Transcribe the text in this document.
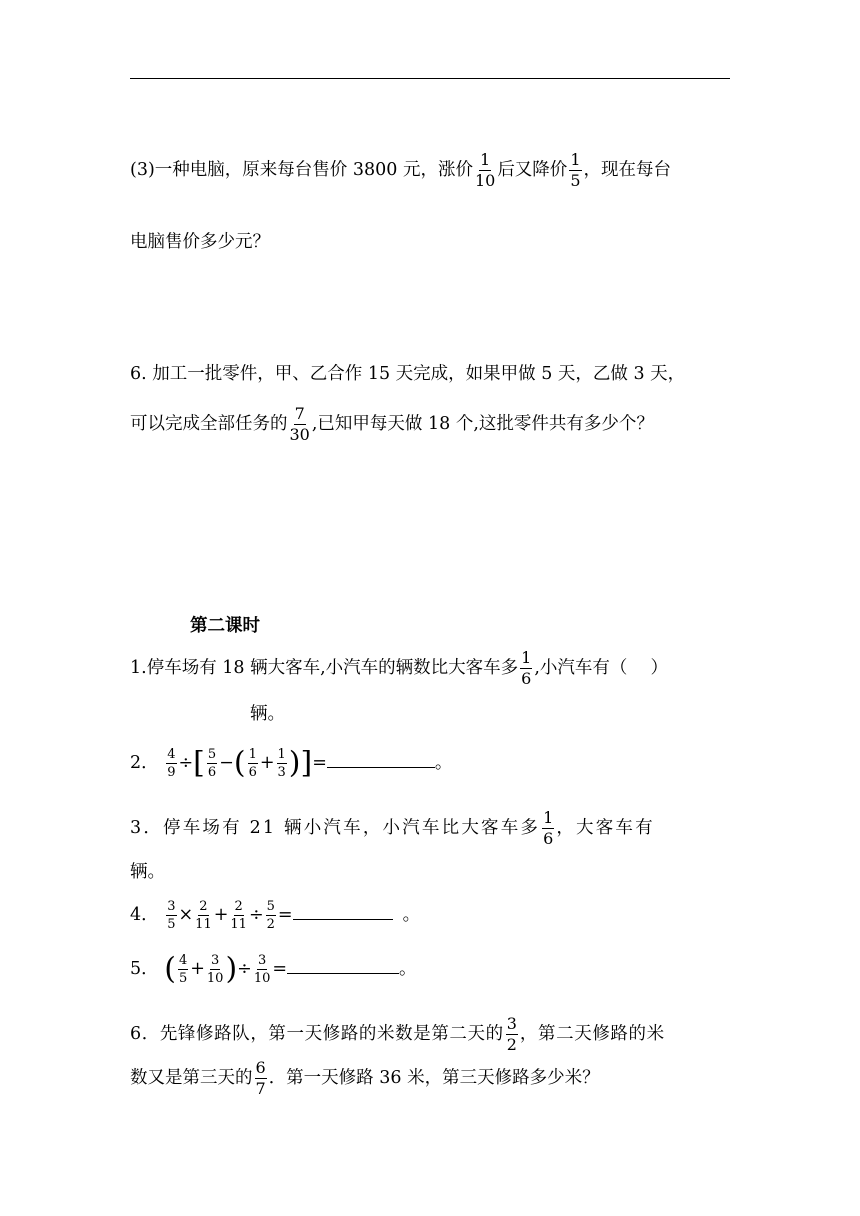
(3)一种电脑，原来每台售价 3800 元，涨价 $\frac{1}{10}$ 后又降价 $\frac{1}{5}$ ，现在每台
电脑售价多少元？
6. 加工一批零件，甲、乙合作 15 天完成，如果甲做 5 天，乙做 3 天，
可以完成全部任务的 $\frac{7}{30}$ ,已知甲每天做 18 个,这批零件共有多少个？
第二课时
1.停车场有 18 辆大客车,小汽车的辆数比大客车多 $\frac{1}{6}$ ,小汽车有（　 ）
辆。
2． $\frac{4}{9}$ ÷[ $\frac{5}{6}$ −( $\frac{1}{6} + \frac{1}{3}$ )]=	。
3．停车场有 21 辆小汽车，小汽车比大客车多 $\frac{1}{6}$ ，大客车有
辆。
4． $\frac{3}{5} \times \frac{2}{11} + \frac{2}{11} \div \frac{5}{2}$ =	。
5． ( $\frac{4}{5} + \frac{3}{10}$ )÷ $\frac{3}{10}$ =	。
6．先锋修路队，第一天修路的米数是第二天的 $\frac{3}{2}$ ，第二天修路的米
数又是第三天的 $\frac{6}{7}$ ．第一天修路 36 米，第三天修路多少米？
